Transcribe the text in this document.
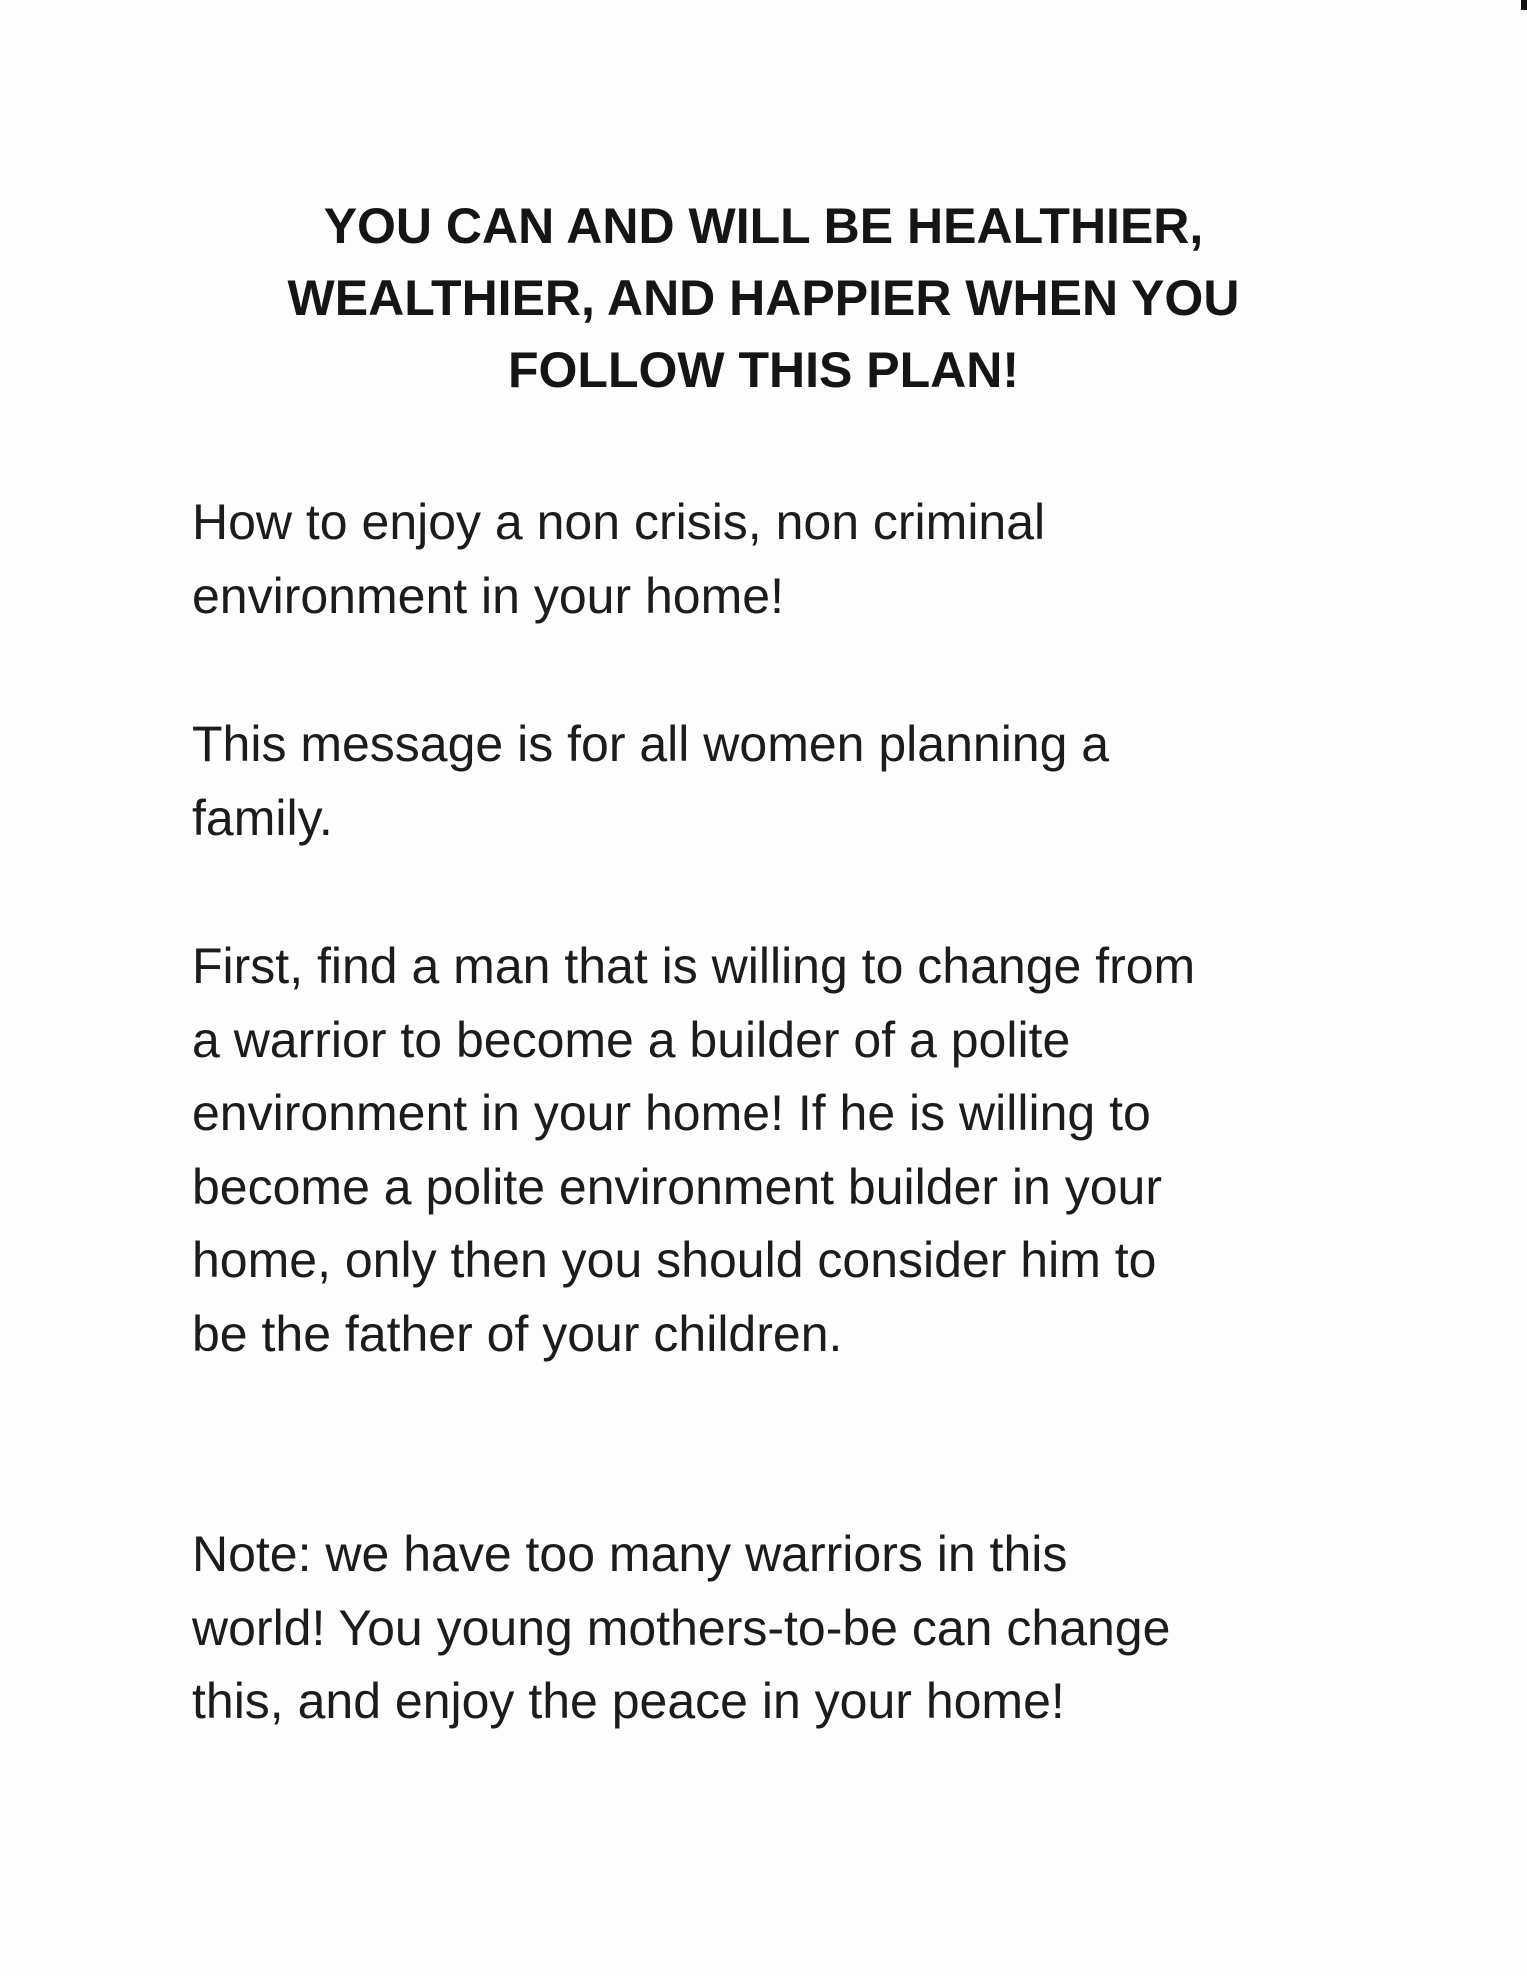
YOU CAN AND WILL BE HEALTHIER,
WEALTHIER, AND HAPPIER WHEN YOU
FOLLOW THIS PLAN!
How to enjoy a non crisis, non criminal
environment in your home!
This message is for all women planning a
family.
First, find a man that is willing to change from
a warrior to become a builder of a polite
environment in your home! If he is willing to
become a polite environment builder in your
home, only then you should consider him to
be the father of your children.
Note: we have too many warriors in this
world! You young mothers-to-be can change
this, and enjoy the peace in your home!
